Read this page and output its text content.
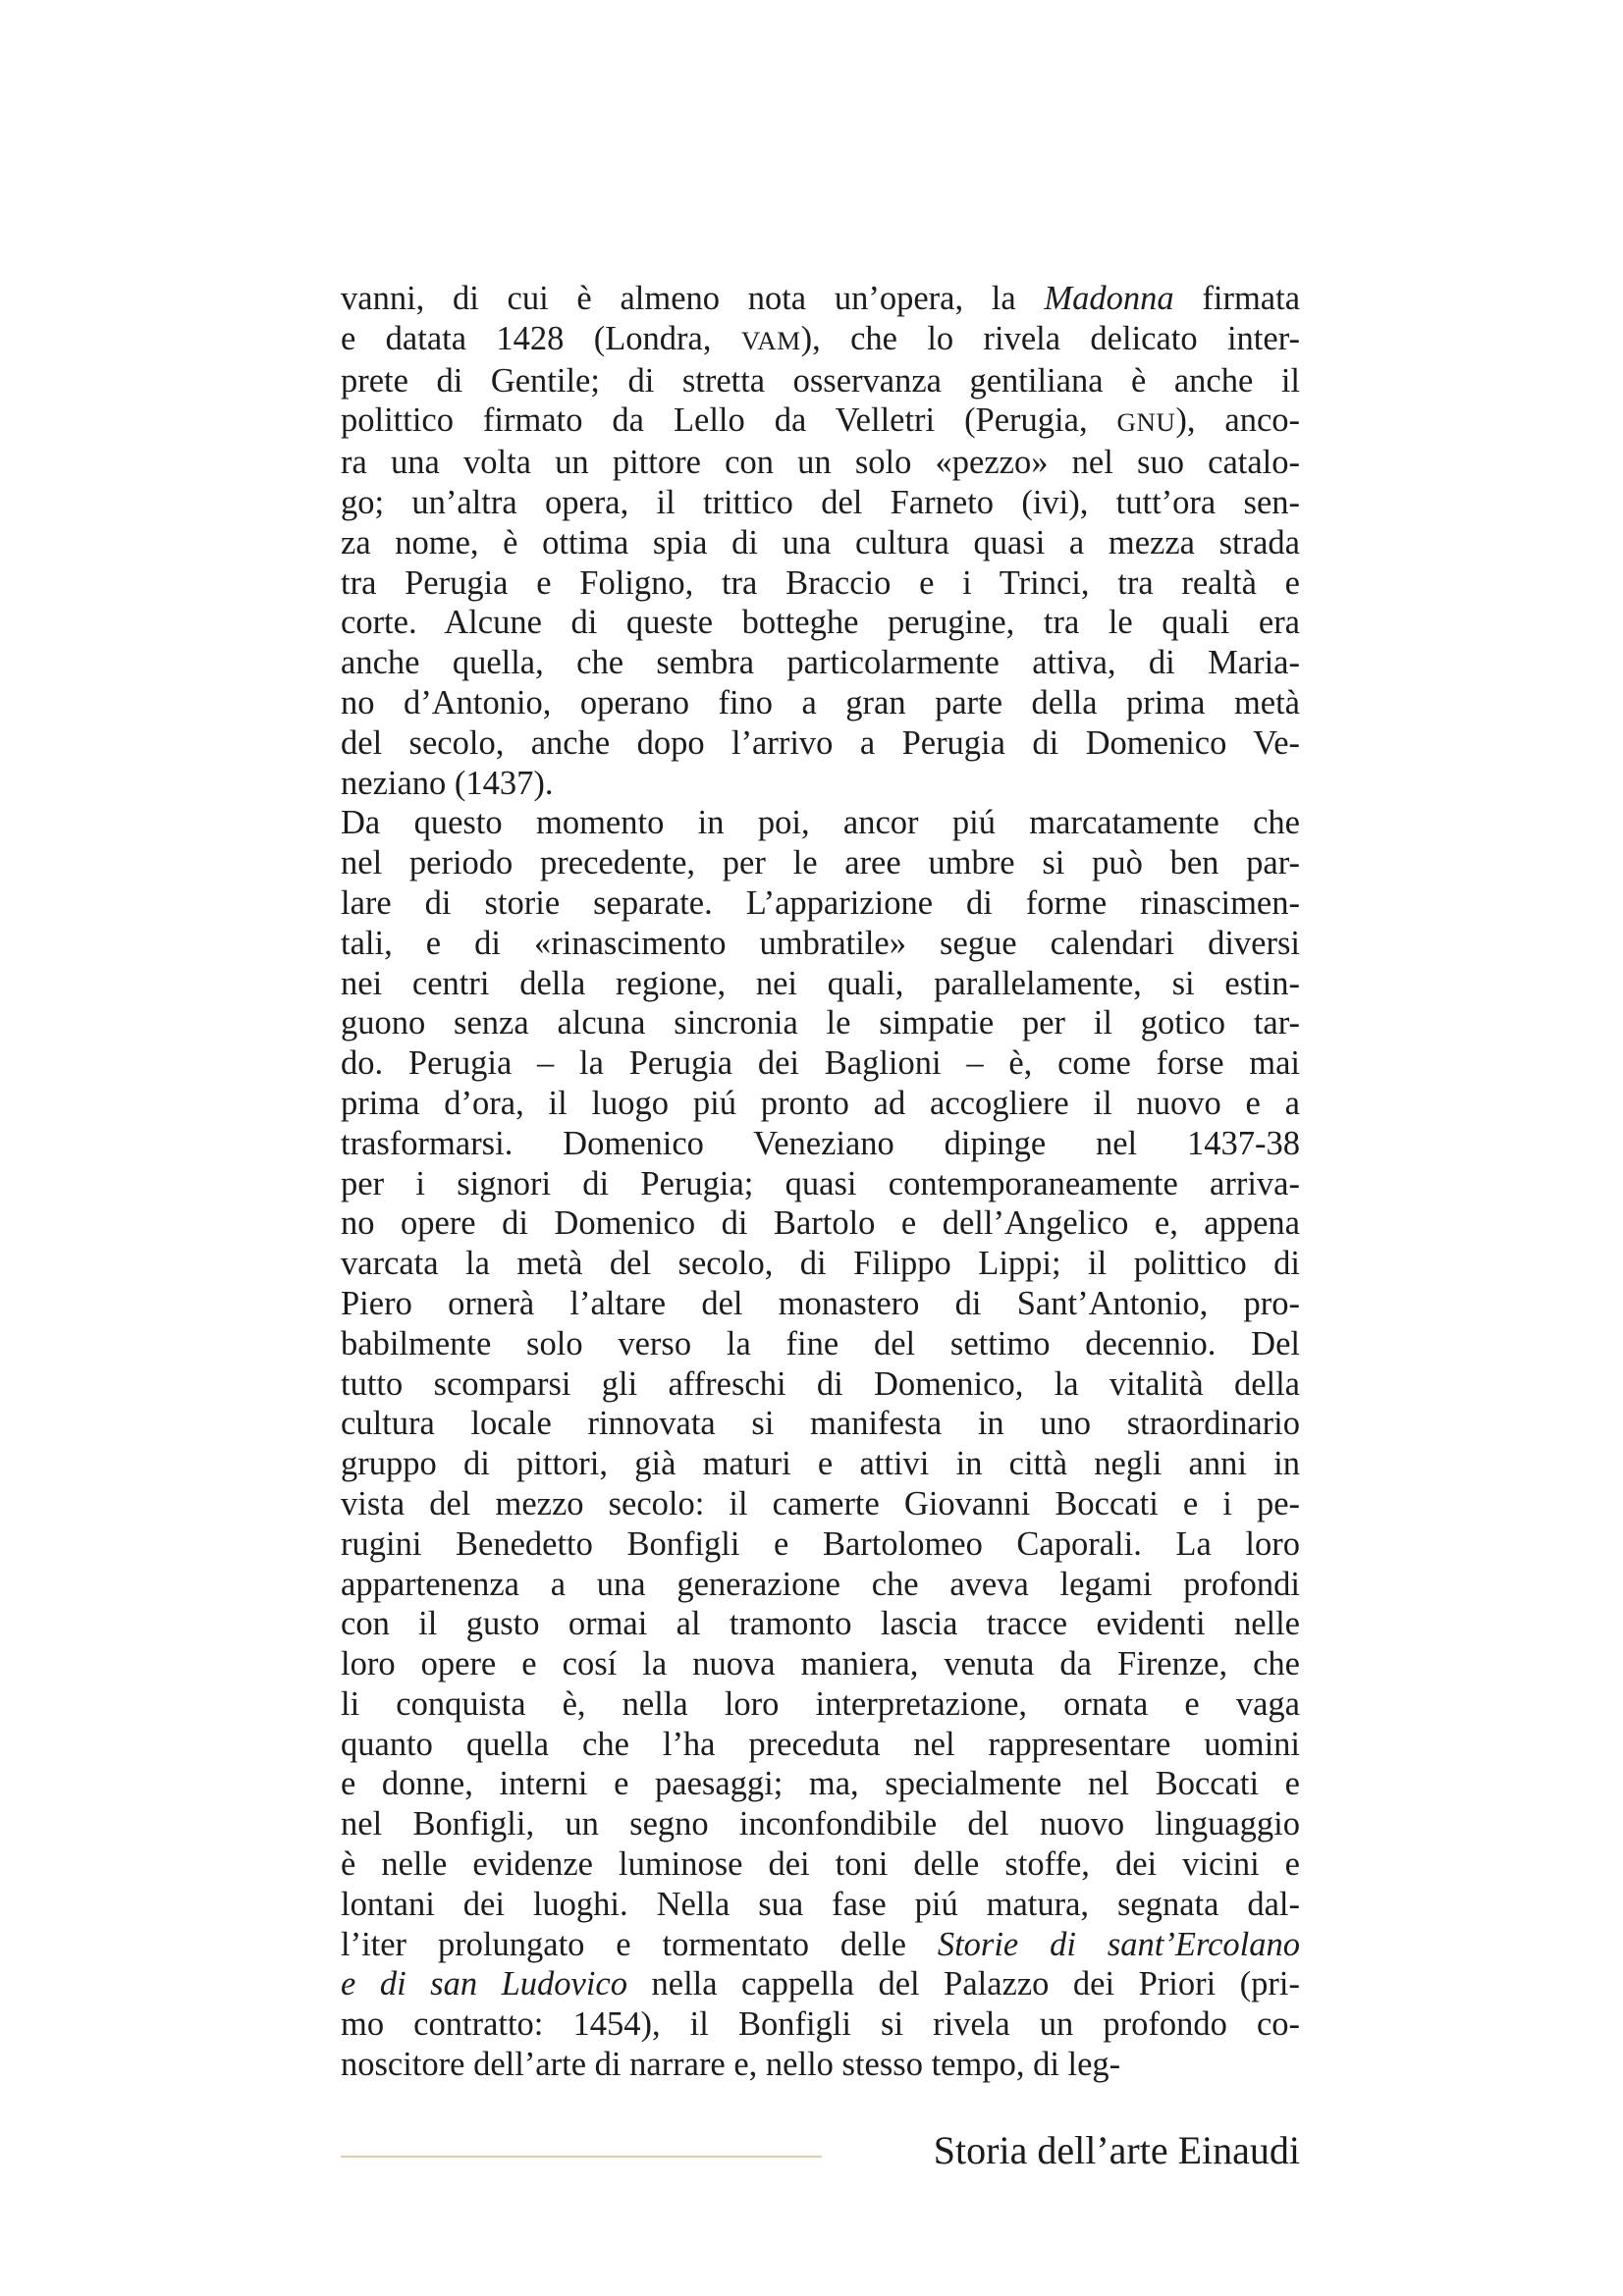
vanni, di cui è almeno nota un’opera, la Madonna firmata
e datata 1428 (Londra, VAM), che lo rivela delicato inter-
prete di Gentile; di stretta osservanza gentiliana è anche il
polittico firmato da Lello da Velletri (Perugia, GNU), anco-
ra una volta un pittore con un solo «pezzo» nel suo catalo-
go; un’altra opera, il trittico del Farneto (ivi), tutt’ora sen-
za nome, è ottima spia di una cultura quasi a mezza strada
tra Perugia e Foligno, tra Braccio e i Trinci, tra realtà e
corte. Alcune di queste botteghe perugine, tra le quali era
anche quella, che sembra particolarmente attiva, di Maria-
no d’Antonio, operano fino a gran parte della prima metà
del secolo, anche dopo l’arrivo a Perugia di Domenico Ve-
neziano (1437).
Da questo momento in poi, ancor piú marcatamente che
nel periodo precedente, per le aree umbre si può ben par-
lare di storie separate. L’apparizione di forme rinascimen-
tali, e di «rinascimento umbratile» segue calendari diversi
nei centri della regione, nei quali, parallelamente, si estin-
guono senza alcuna sincronia le simpatie per il gotico tar-
do. Perugia – la Perugia dei Baglioni – è, come forse mai
prima d’ora, il luogo piú pronto ad accogliere il nuovo e a
trasformarsi. Domenico Veneziano dipinge nel 1437-38
per i signori di Perugia; quasi contemporaneamente arriva-
no opere di Domenico di Bartolo e dell’Angelico e, appena
varcata la metà del secolo, di Filippo Lippi; il polittico di
Piero ornerà l’altare del monastero di Sant’Antonio, pro-
babilmente solo verso la fine del settimo decennio. Del
tutto scomparsi gli affreschi di Domenico, la vitalità della
cultura locale rinnovata si manifesta in uno straordinario
gruppo di pittori, già maturi e attivi in città negli anni in
vista del mezzo secolo: il camerte Giovanni Boccati e i pe-
rugini Benedetto Bonfigli e Bartolomeo Caporali. La loro
appartenenza a una generazione che aveva legami profondi
con il gusto ormai al tramonto lascia tracce evidenti nelle
loro opere e cosí la nuova maniera, venuta da Firenze, che
li conquista è, nella loro interpretazione, ornata e vaga
quanto quella che l’ha preceduta nel rappresentare uomini
e donne, interni e paesaggi; ma, specialmente nel Boccati e
nel Bonfigli, un segno inconfondibile del nuovo linguaggio
è nelle evidenze luminose dei toni delle stoffe, dei vicini e
lontani dei luoghi. Nella sua fase piú matura, segnata dal-
l’iter prolungato e tormentato delle Storie di sant’Ercolano
e di san Ludovico nella cappella del Palazzo dei Priori (pri-
mo contratto: 1454), il Bonfigli si rivela un profondo co-
noscitore dell’arte di narrare e, nello stesso tempo, di leg-
Storia dell’arte Einaudi
